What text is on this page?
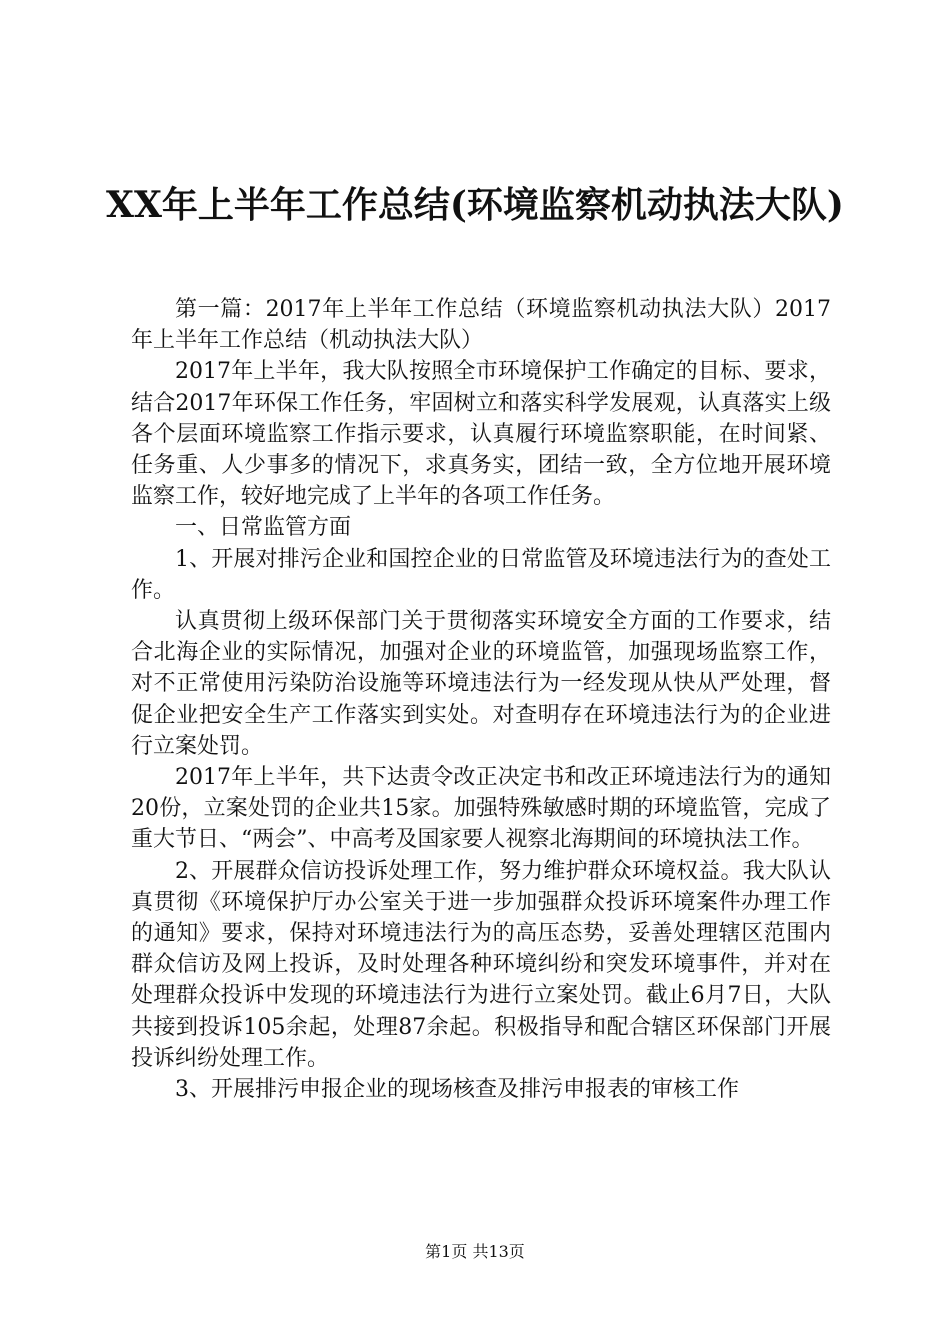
XX年上半年工作总结(环境监察机动执法大队)

第一篇：2017年上半年工作总结（环境监察机动执法大队）2017年上半年工作总结（机动执法大队）

2017年上半年，我大队按照全市环境保护工作确定的目标、要求，结合2017年环保工作任务，牢固树立和落实科学发展观，认真落实上级各个层面环境监察工作指示要求，认真履行环境监察职能，在时间紧、任务重、人少事多的情况下，求真务实，团结一致，全方位地开展环境监察工作，较好地完成了上半年的各项工作任务。

一、日常监管方面

1、开展对排污企业和国控企业的日常监管及环境违法行为的查处工作。

认真贯彻上级环保部门关于贯彻落实环境安全方面的工作要求，结合北海企业的实际情况，加强对企业的环境监管，加强现场监察工作，对不正常使用污染防治设施等环境违法行为一经发现从快从严处理，督促企业把安全生产工作落实到实处。对查明存在环境违法行为的企业进行立案处罚。

2017年上半年，共下达责令改正决定书和改正环境违法行为的通知20份，立案处罚的企业共15家。加强特殊敏感时期的环境监管，完成了重大节日、“两会”、中高考及国家要人视察北海期间的环境执法工作。

2、开展群众信访投诉处理工作，努力维护群众环境权益。我大队认真贯彻《环境保护厅办公室关于进一步加强群众投诉环境案件办理工作的通知》要求，保持对环境违法行为的高压态势，妥善处理辖区范围内群众信访及网上投诉，及时处理各种环境纠纷和突发环境事件，并对在处理群众投诉中发现的环境违法行为进行立案处罚。截止6月7日，大队共接到投诉105余起，处理87余起。积极指导和配合辖区环保部门开展投诉纠纷处理工作。

3、开展排污申报企业的现场核查及排污申报表的审核工作

第1页 共13页
